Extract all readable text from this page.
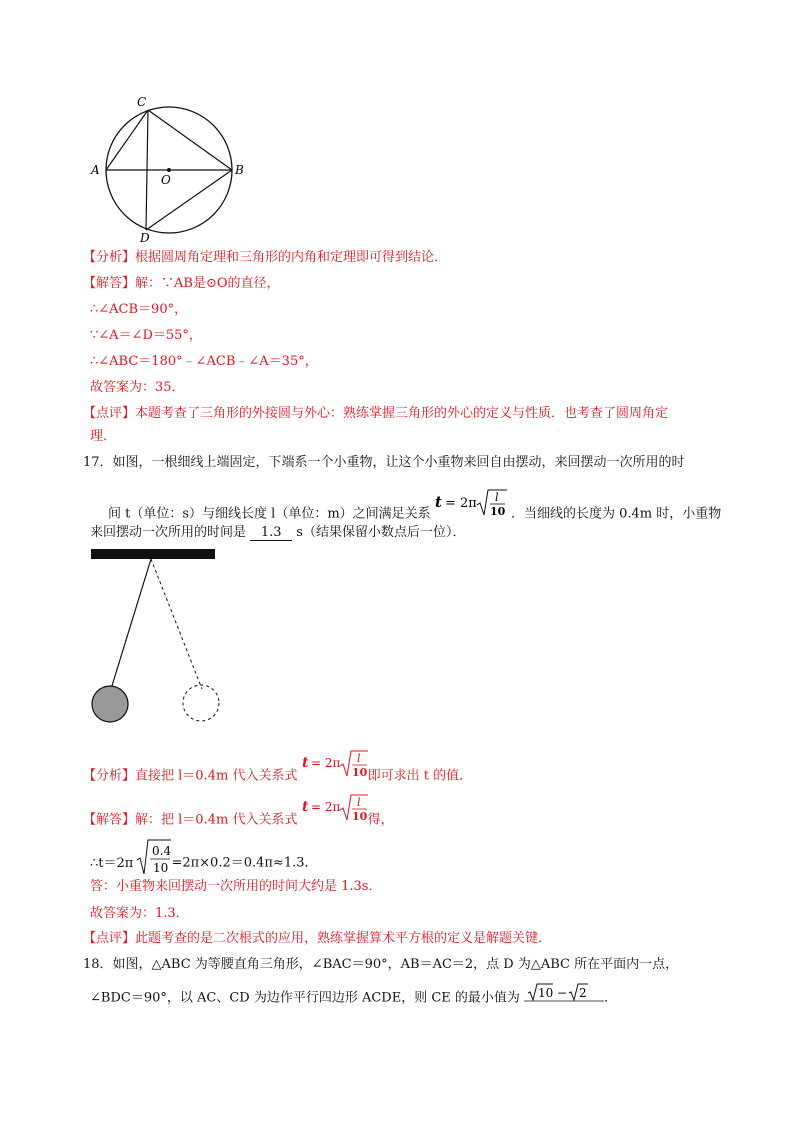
C
A	B
O
D
【分析】根据圆周角定理和三角形的内角和定理即可得到结论．
【解答】解：∵AB是⊙O的直径，
∴∠ACB＝90°，
∵∠A＝∠D＝55°，
∴∠ABC＝180°﹣∠ACB﹣∠A＝35°，
故答案为：35．
【点评】本题考查了三角形的外接圆与外心：熟练掌握三角形的外心的定义与性质．也考查了圆周角定
理．
17．如图，一根细线上端固定，下端系一个小重物，让这个小重物来回自由摆动，来回摆动一次所用的时
间 t（单位：s）与细线长度 l（单位：m）之间满足关系
t = 2π l
10 ．当细线的长度为 0.4m 时，小重物
来回摆动一次所用的时间是 1.3 s（结果保留小数点后一位）．
【分析】直接把 l＝0.4m 代入关系式
t = 2π l
10 即可求出 t 的值．
【解答】解：把 l＝0.4m 代入关系式
t = 2π l
10 得，
∴t＝2π
0.4
10 =2π×0.2＝0.4π≈1.3．
答：小重物来回摆动一次所用的时间大约是 1.3s．
故答案为：1.3．
【点评】此题考查的是二次根式的应用，熟练掌握算术平方根的定义是解题关键．
18．如图，△ABC 为等腰直角三角形，∠BAC＝90°，AB＝AC＝2，点 D 为△ABC 所在平面内一点，
∠BDC＝90°，以 AC、CD 为边作平行四边形 ACDE，则 CE 的最小值为 10 − 2 ．
